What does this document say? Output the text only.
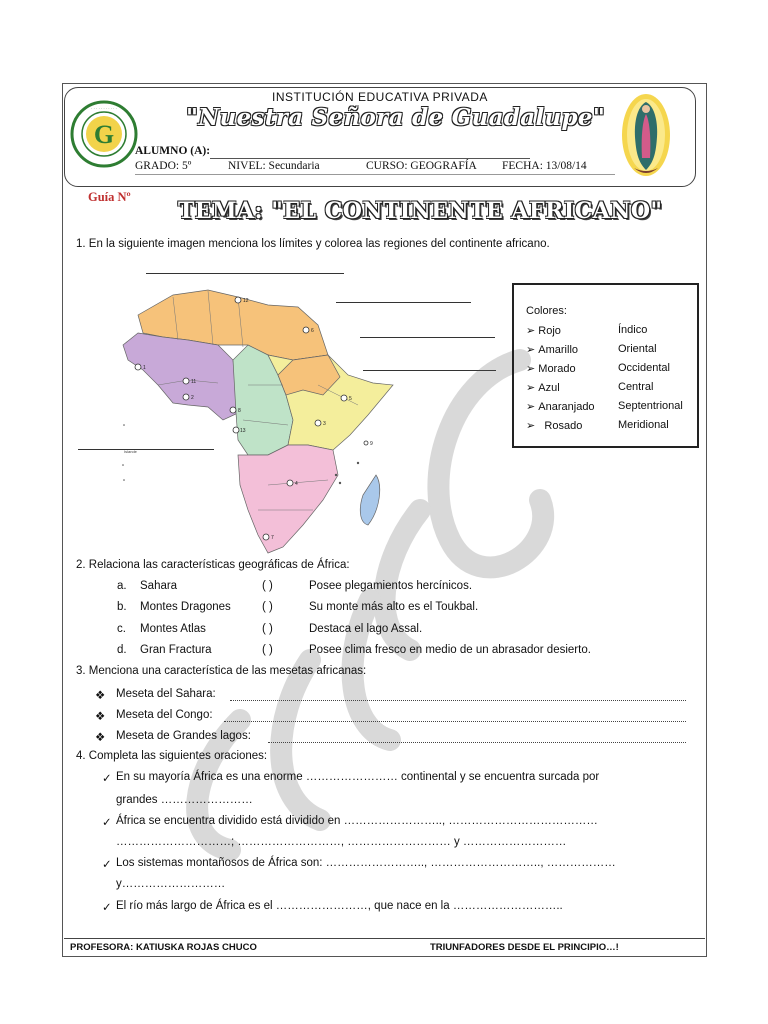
G
· · · · · · · · · · ·
INSTITUCIÓN EDUCATIVA PRIVADA
"Nuestra Señora de Guadalupe"
ALUMNO (A):
GRADO: 5º	NIVEL: Secundaria	CURSO: GEOGRAFÍA FECHA: 13/08/14
Guía Nº
TEMA: "EL CONTINENTE AFRICANO"
1. En la siguiente imagen menciona los límites y colorea las regiones del continente africano.
12
6
11
13
8
3
5
9
1
2
4
7
Islande
Colores:
➢ Rojo	Índico
➢ Amarillo	Oriental
➢ Morado	Occidental
➢ Azul	Central
➢ Anaranjado Septentrional
➢ Rosado	Meridional
2. Relaciona las características geográficas de África:
a. Sahara	( )	Posee plegamientos hercínicos.
b. Montes Dragones	( )	Su monte más alto es el Toukbal.
c. Montes Atlas	( )	Destaca el lago Assal.
d. Gran Fractura	( )	Posee clima fresco en medio de un abrasador desierto.
3. Menciona una característica de las mesetas africanas:
❖ Meseta del Sahara:
❖ Meseta del Congo:
❖ Meseta de Grandes lagos:
4. Completa las siguientes oraciones:
✓ En su mayoría África es una enorme …………………… continental y se encuentra surcada por
grandes ……………………
✓ África se encuentra dividido está dividido en …………………….., …………………………………
…………………………; ………………………, ……………………… y ………………………
✓ Los sistemas montañosos de África son: …………………….., ……………………….., ………………
y………………………
✓ El río más largo de África es el ……………………, que nace en la ………………………..
PROFESORA: KATIUSKA ROJAS CHUCO	TRIUNFADORES DESDE EL PRINCIPIO…!
